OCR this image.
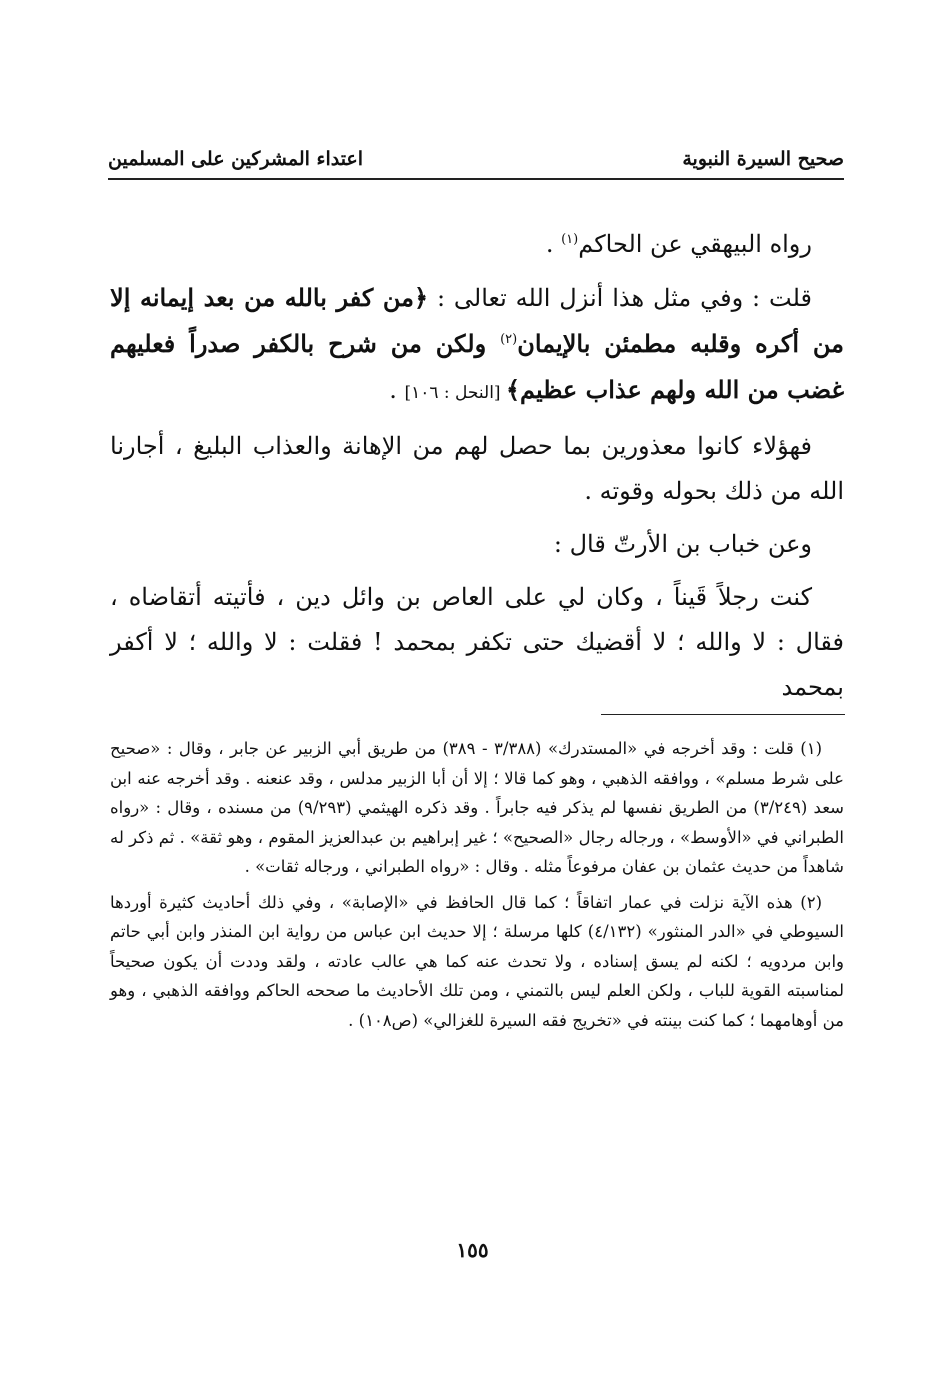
صحيح السيرة النبوية
اعتداء المشركين على المسلمين

رواه البيهقي عن الحاكم$^{(١)}$ .

قلت : وفي مثل هذا أنزل الله تعالى : ﴿من كفر بالله من بعد إيمانه إلا من أكره وقلبه مطمئن بالإيمان$^{(٢)}$ ولكن من شرح بالكفر صدراً فعليهم غضب من الله ولهم عذاب عظيم﴾ [النحل : ١٠٦] .

فهؤلاء كانوا معذورين بما حصل لهم من الإهانة والعذاب البليغ ، أجارنا الله من ذلك بحوله وقوته .

وعن خباب بن الأرتّ قال :

كنت رجلاً قَيناً ، وكان لي على العاص بن وائل دين ، فأتيته أتقاضاه ، فقال : لا والله ؛ لا أقضيك حتى تكفر بمحمد ! فقلت : لا والله ؛ لا أكفر بمحمد

(١) قلت : وقد أخرجه في «المستدرك» (٣/٣٨٨ - ٣٨٩) من طريق أبي الزبير عن جابر ، وقال : «صحيح على شرط مسلم» ، ووافقه الذهبي ، وهو كما قالا ؛ إلا أن أبا الزبير مدلس ، وقد عنعنه . وقد أخرجه عنه ابن سعد (٣/٢٤٩) من الطريق نفسها لم يذكر فيه جابراً . وقد ذكره الهيثمي (٩/٢٩٣) من مسنده ، وقال : «رواه الطبراني في «الأوسط» ، ورجاله رجال «الصحيح» ؛ غير إبراهيم بن عبدالعزيز المقوم ، وهو ثقة» . ثم ذكر له شاهداً من حديث عثمان بن عفان مرفوعاً مثله . وقال : «رواه الطبراني ، ورجاله ثقات» .

(٢) هذه الآية نزلت في عمار اتفاقاً ؛ كما قال الحافظ في «الإصابة» ، وفي ذلك أحاديث كثيرة أوردها السيوطي في «الدر المنثور» (٤/١٣٢) كلها مرسلة ؛ إلا حديث ابن عباس من رواية ابن المنذر وابن أبي حاتم وابن مردويه ؛ لكنه لم يسق إسناده ، ولا تحدث عنه كما هي عالب عادته ، ولقد وددت أن يكون صحيحاً لمناسبته القوية للباب ، ولكن العلم ليس بالتمني ، ومن تلك الأحاديث ما صححه الحاكم ووافقه الذهبي ، وهو من أوهامهما ؛ كما كنت بينته في «تخريج فقه السيرة للغزالي» (ص١٠٨) .

١٥٥
